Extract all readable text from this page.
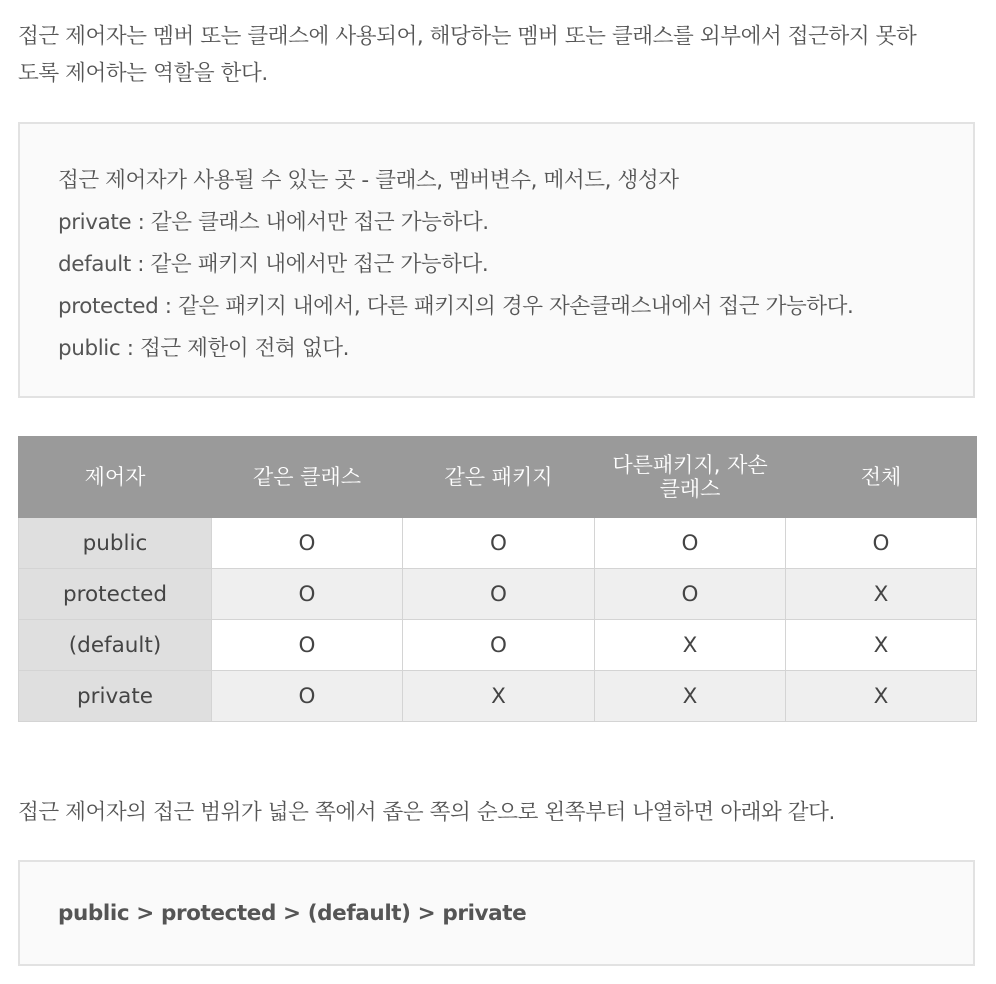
접근 제어자는 멤버 또는 클래스에 사용되어, 해당하는 멤버 또는 클래스를 외부에서 접근하지 못하
도록 제어하는 역할을 한다.
접근 제어자가 사용될 수 있는 곳 - 클래스, 멤버변수, 메서드, 생성자
private : 같은 클래스 내에서만 접근 가능하다.
default : 같은 패키지 내에서만 접근 가능하다.
protected : 같은 패키지 내에서, 다른 패키지의 경우 자손클래스내에서 접근 가능하다.
public : 접근 제한이 전혀 없다.
제어자	같은 클래스	같은 패키지	다른패키지, 자손클래스	전체
public	O	O	O	O
protected	O	O	O	X
(default)	O	O	X	X
private	O	X	X	X
접근 제어자의 접근 범위가 넓은 쪽에서 좁은 쪽의 순으로 왼쪽부터 나열하면 아래와 같다.
public > protected > (default) > private
